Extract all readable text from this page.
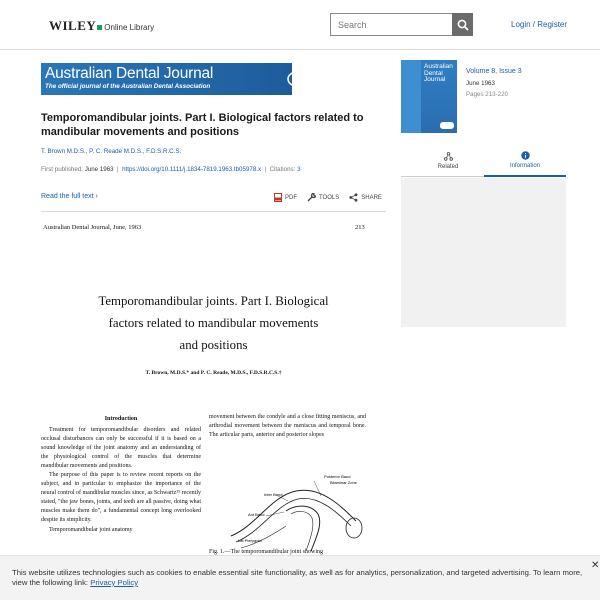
WILEY Online Library
Search	Login / Register
Australian Dental Journal
The official journal of the Australian Dental Association
ADA
Temporomandibular joints. Part I. Biological factors related to mandibular movements and positions
T. Brown M.D.S., P. C. Reade M.D.S., F.D.S.R.C.S.
First published: June 1963  |  https://doi.org/10.1111/j.1834-7819.1963.tb05978.x  |  Citations: 3
Read the full text ›	PDF	TOOLS	SHARE
Australian Dental Journal, June, 1963	213
Temporomandibular joints. Part I. Biological
factors related to mandibular movements
and positions
T. Brown, M.D.S.* and P. C. Reade, M.D.S., F.D.S.R.C.S.†
Introduction

Treatment for temporomandibular disorders and related occlusal disturbances can only be successful if it is based on a sound knowledge of the joint anatomy and an understanding of the physiological control of the muscles that determine mandibular movements and positions.

The purpose of this paper is to review recent reports on the subject, and in particular to emphasize the importance of the neural control of mandibular muscles since, as Schwartz¹⁵ recently stated, "the jaw bones, joints, and teeth are all passive, doing what muscles make them do", a fundamental concept long overlooked despite its simplicity.

Temporomandibular joint anatomy

movement between the condyle and a close fitting meniscus, and arthrodial movement between the meniscus and temporal bone. The articular parts, anterior and posterior slopes

Posterior Band
Bilaminar Zone
Inter Band
Ant Band
Lat Pterygoid
Fig. 1.—The temporomandibular joint showing
Australian Dental Journal
Volume 8, Issue 3
June 1963
Pages 213-220
Related	Information
This website utilizes technologies such as cookies to enable essential site functionality, as well as for analytics, personalization, and targeted advertising. To learn more, view the following link: Privacy Policy
✕
